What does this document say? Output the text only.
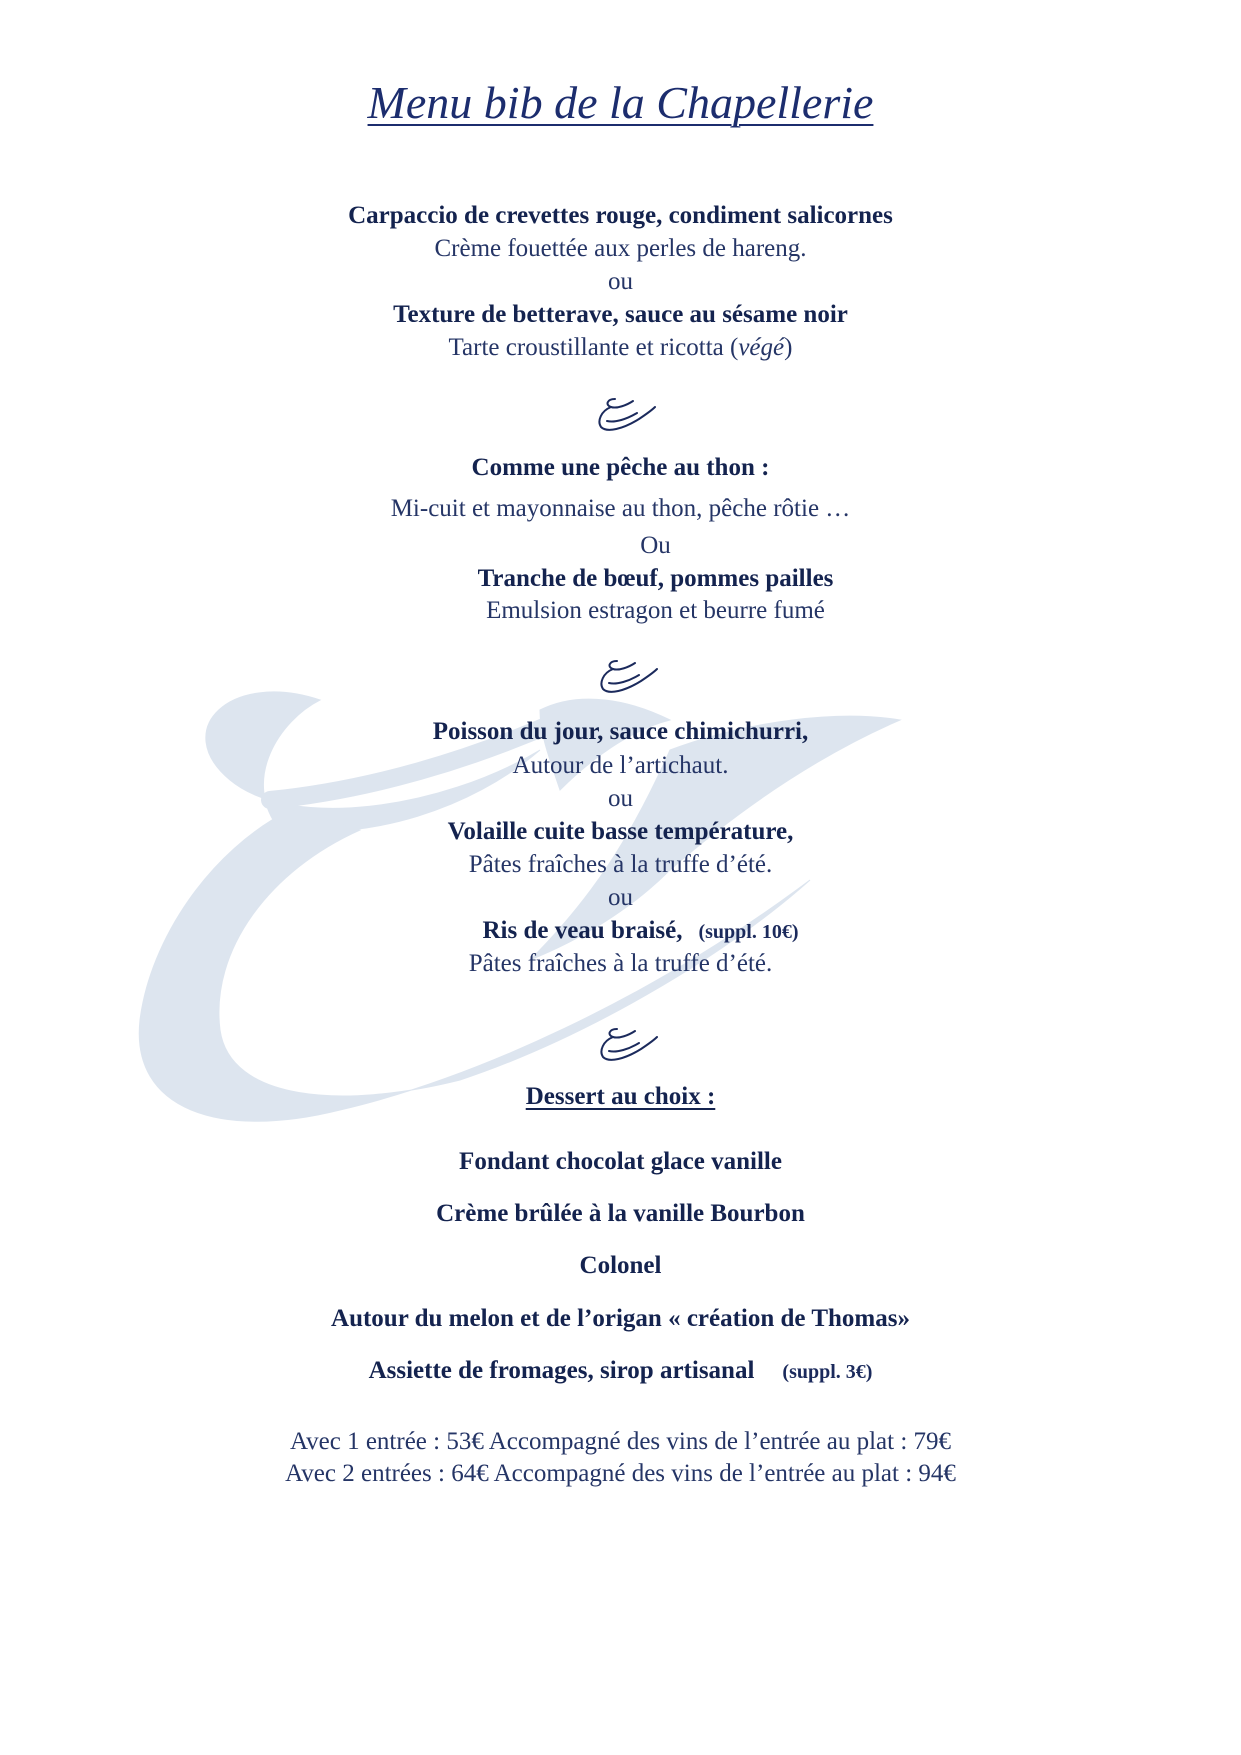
Menu bib de la Chapellerie
Carpaccio de crevettes rouge, condiment salicornes
Crème fouettée aux perles de hareng.
ou
Texture de betterave, sauce au sésame noir
Tarte croustillante et ricotta (végé)
Comme une pêche au thon :
Mi-cuit et mayonnaise au thon, pêche rôtie …
Ou
Tranche de bœuf, pommes pailles
Emulsion estragon et beurre fumé
Poisson du jour, sauce chimichurri,
Autour de l’artichaut.
ou
Volaille cuite basse température,
Pâtes fraîches à la truffe d’été.
ou
Ris de veau braisé, (suppl. 10€)
Pâtes fraîches à la truffe d’été.
Dessert au choix :
Fondant chocolat glace vanille
Crème brûlée à la vanille Bourbon
Colonel
Autour du melon et de l’origan « création de Thomas»
Assiette de fromages, sirop artisanal (suppl. 3€)
Avec 1 entrée : 53€ Accompagné des vins de l’entrée au plat : 79€
Avec 2 entrées : 64€ Accompagné des vins de l’entrée au plat : 94€
